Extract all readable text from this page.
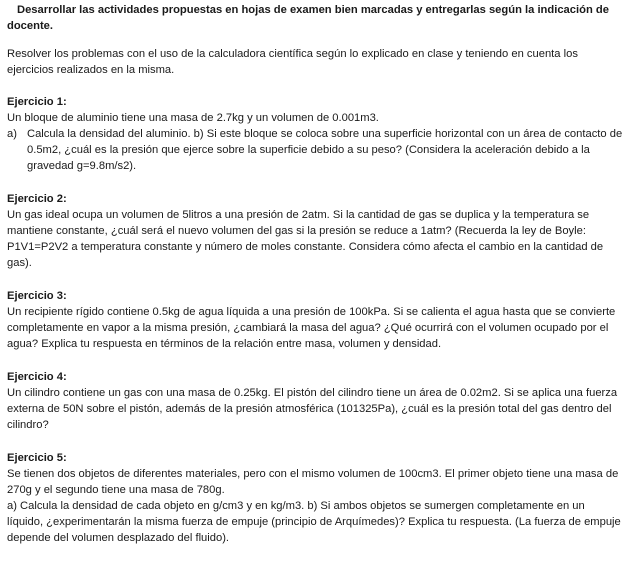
Desarrollar las actividades propuestas en hojas de examen bien marcadas y entregarlas según la indicación de docente.

Resolver los problemas con el uso de la calculadora científica según lo explicado en clase y teniendo en cuenta los ejercicios realizados en la misma.

Ejercicio 1:

Un bloque de aluminio tiene una masa de 2.7kg y un volumen de 0.001m3.

a) Calcula la densidad del aluminio. b) Si este bloque se coloca sobre una superficie horizontal con un área de contacto de 0.5m2, ¿cuál es la presión que ejerce sobre la superficie debido a su peso? (Considera la aceleración debido a la gravedad g=9.8m/s2).

Ejercicio 2:

Un gas ideal ocupa un volumen de 5litros a una presión de 2atm. Si la cantidad de gas se duplica y la temperatura se mantiene constante, ¿cuál será el nuevo volumen del gas si la presión se reduce a 1atm? (Recuerda la ley de Boyle: P1V1=P2V2 a temperatura constante y número de moles constante. Considera cómo afecta el cambio en la cantidad de gas).

Ejercicio 3:

Un recipiente rígido contiene 0.5kg de agua líquida a una presión de 100kPa. Si se calienta el agua hasta que se convierte completamente en vapor a la misma presión, ¿cambiará la masa del agua? ¿Qué ocurrirá con el volumen ocupado por el agua? Explica tu respuesta en términos de la relación entre masa, volumen y densidad.

Ejercicio 4:

Un cilindro contiene un gas con una masa de 0.25kg. El pistón del cilindro tiene un área de 0.02m2. Si se aplica una fuerza externa de 50N sobre el pistón, además de la presión atmosférica (101325Pa), ¿cuál es la presión total del gas dentro del cilindro?

Ejercicio 5:

Se tienen dos objetos de diferentes materiales, pero con el mismo volumen de 100cm3. El primer objeto tiene una masa de 270g y el segundo tiene una masa de 780g.

a) Calcula la densidad de cada objeto en g/cm3 y en kg/m3. b) Si ambos objetos se sumergen completamente en un líquido, ¿experimentarán la misma fuerza de empuje (principio de Arquímedes)? Explica tu respuesta. (La fuerza de empuje depende del volumen desplazado del fluido).
